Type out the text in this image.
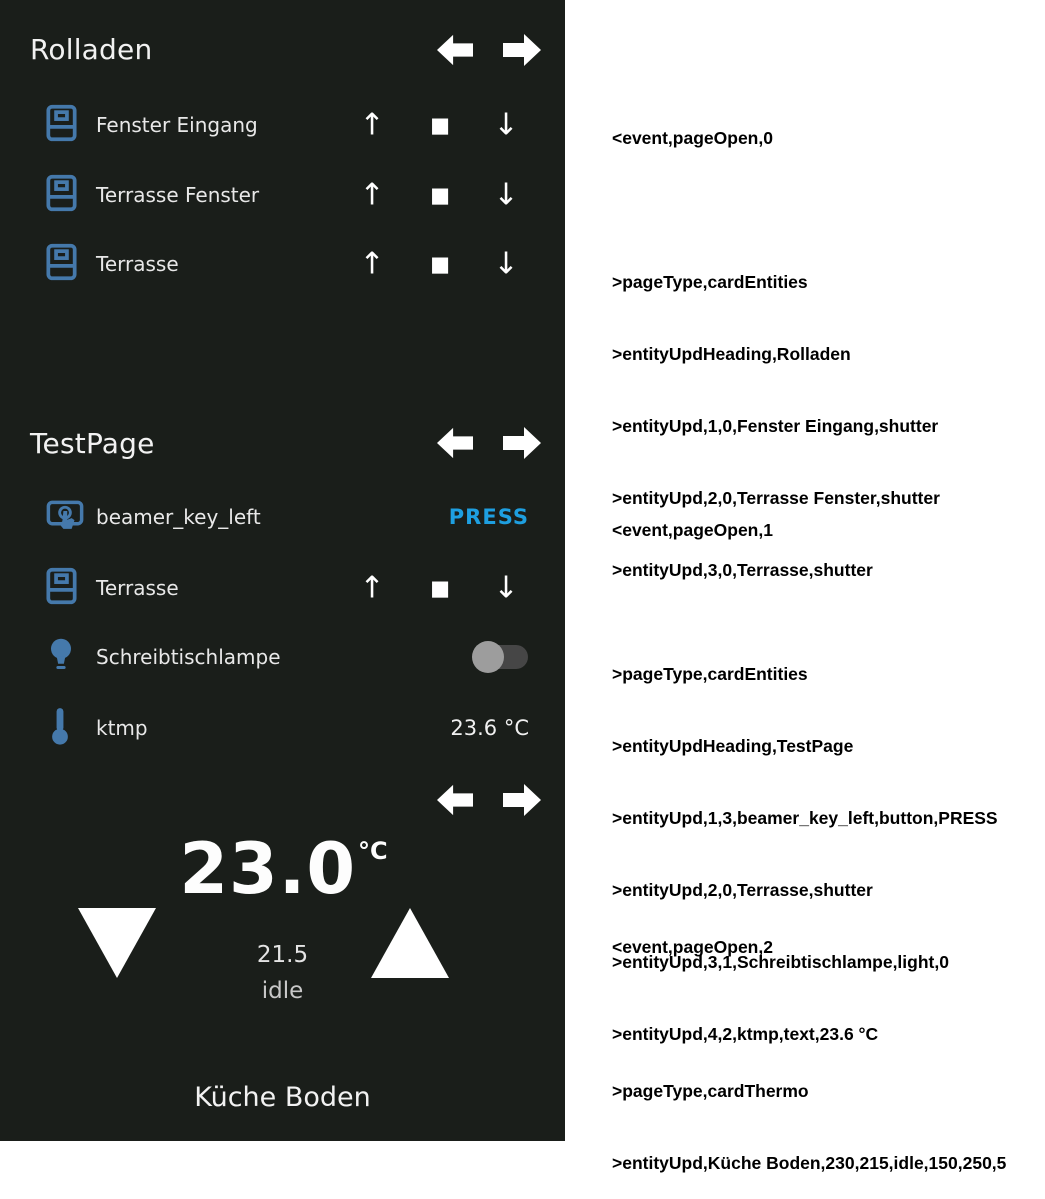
Rolladen
Fenster Eingang	↑	■ ↓
Terrasse Fenster	↑	■ ↓
Terrasse	↑	■ ↓
TestPage
beamer_key_left	PRESS
Terrasse	↑	■ ↓
Schreibtischlampe
ktmp	23.6 °C
$23.0^{^\circ C}$
21.5
idle
Küche Boden

<event,pageOpen,0

>pageType,cardEntities

>entityUpdHeading,Rolladen

>entityUpd,1,0,Fenster Eingang,shutter

>entityUpd,2,0,Terrasse Fenster,shutter

>entityUpd,3,0,Terrasse,shutter

<event,pageOpen,1

>pageType,cardEntities

>entityUpdHeading,TestPage

>entityUpd,1,3,beamer_key_left,button,PRESS

>entityUpd,2,0,Terrasse,shutter

>entityUpd,3,1,Schreibtischlampe,light,0

>entityUpd,4,2,ktmp,text,23.6 °C

<event,pageOpen,2

>pageType,cardThermo

>entityUpd,Küche Boden,230,215,idle,150,250,5
